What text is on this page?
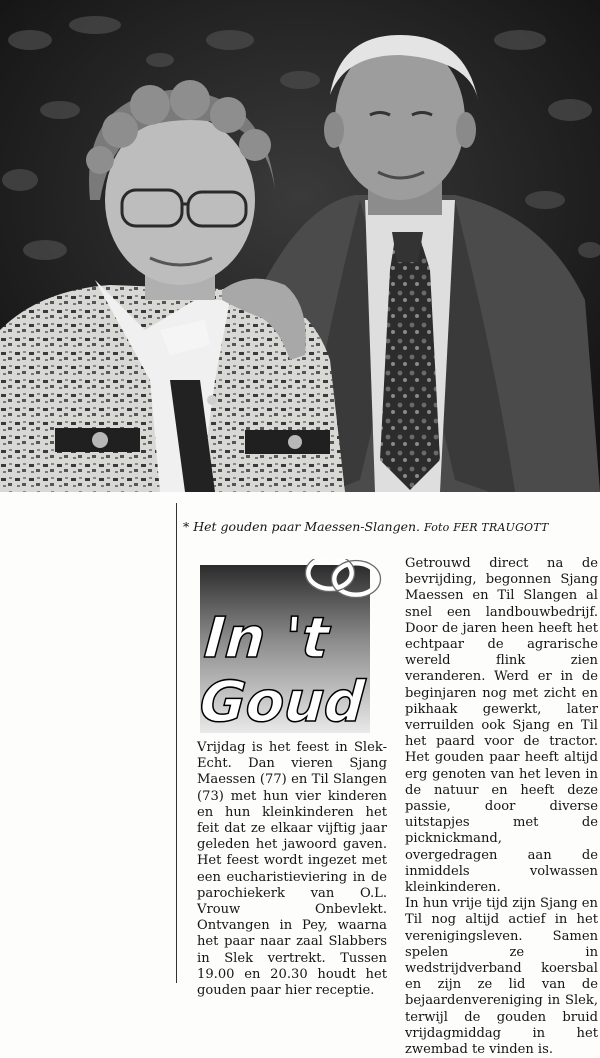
* Het gouden paar Maessen-Slangen. Foto FER TRAUGOTT
In 't
Goud

Vrijdag is het feest in Slek-Echt. Dan vieren Sjang Maessen (77) en Til Slangen (73) met hun vier kinderen en hun kleinkinderen het feit dat ze elkaar vijftig jaar geleden het jawoord gaven. Het feest wordt ingezet met een eucharistieviering in de parochiekerk van O.L. Vrouw Onbevlekt. Ontvangen in Pey, waarna het paar naar zaal Slabbers in Slek vertrekt. Tussen 19.00 en 20.30 houdt het gouden paar hier receptie.

Getrouwd direct na de bevrijding, begonnen Sjang Maessen en Til Slangen al snel een landbouwbedrijf. Door de jaren heen heeft het echtpaar de agrarische wereld flink zien veranderen. Werd er in de beginjaren nog met zicht en pikhaak gewerkt, later verruilden ook Sjang en Til het paard voor de tractor. Het gouden paar heeft altijd erg genoten van het leven in de natuur en heeft deze passie, door diverse uitstapjes met de picknickmand, overgedragen aan de inmiddels volwassen kleinkinderen.

In hun vrije tijd zijn Sjang en Til nog altijd actief in het verenigingsleven. Samen spelen ze in wedstrijdverband koersbal en zijn ze lid van de bejaardenvereniging in Slek, terwijl de gouden bruid vrijdagmiddag in het zwembad te vinden is.
